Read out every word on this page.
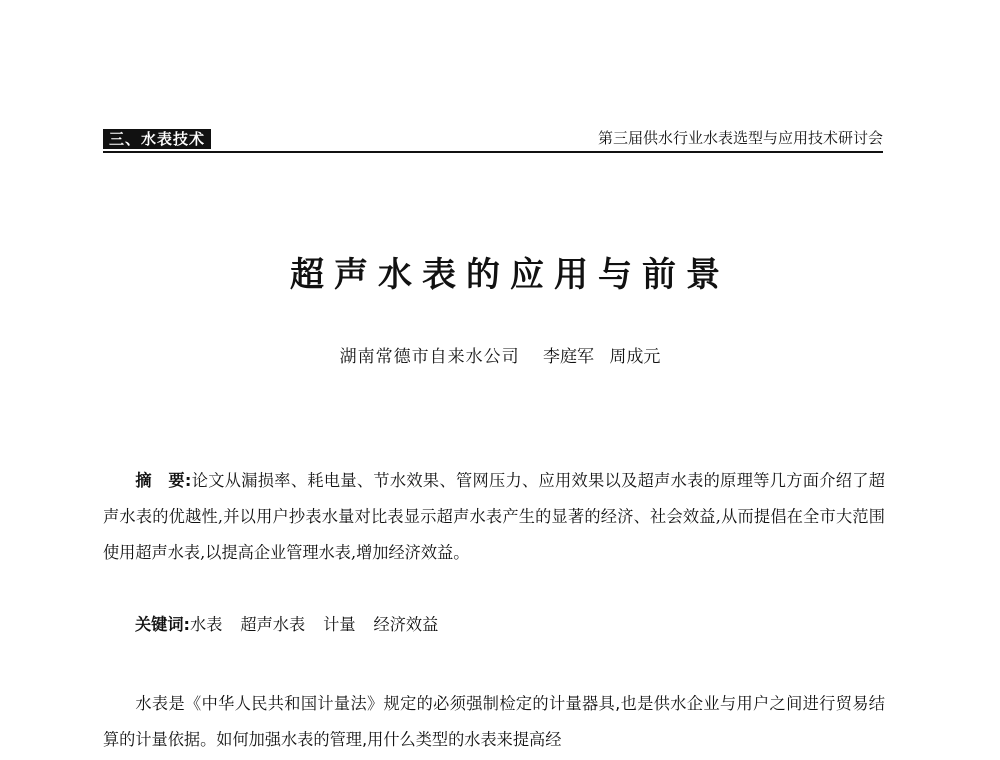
三、水表技术	第三届供水行业水表选型与应用技术研讨会
超声水表的应用与前景
湖南常德市自来水公司 李庭军 周成元

摘　要:论文从漏损率、耗电量、节水效果、管网压力、应用效果以及超声水表的原理等几方面介绍了超声水表的优越性,并以用户抄表水量对比表显示超声水表产生的显著的经济、社会效益,从而提倡在全市大范围使用超声水表,以提高企业管理水表,增加经济效益。

关键词:水表 超声水表 计量 经济效益

水表是《中华人民共和国计量法》规定的必须强制检定的计量器具,也是供水企业与用户之间进行贸易结算的计量依据。如何加强水表的管理,用什么类型的水表来提高经
